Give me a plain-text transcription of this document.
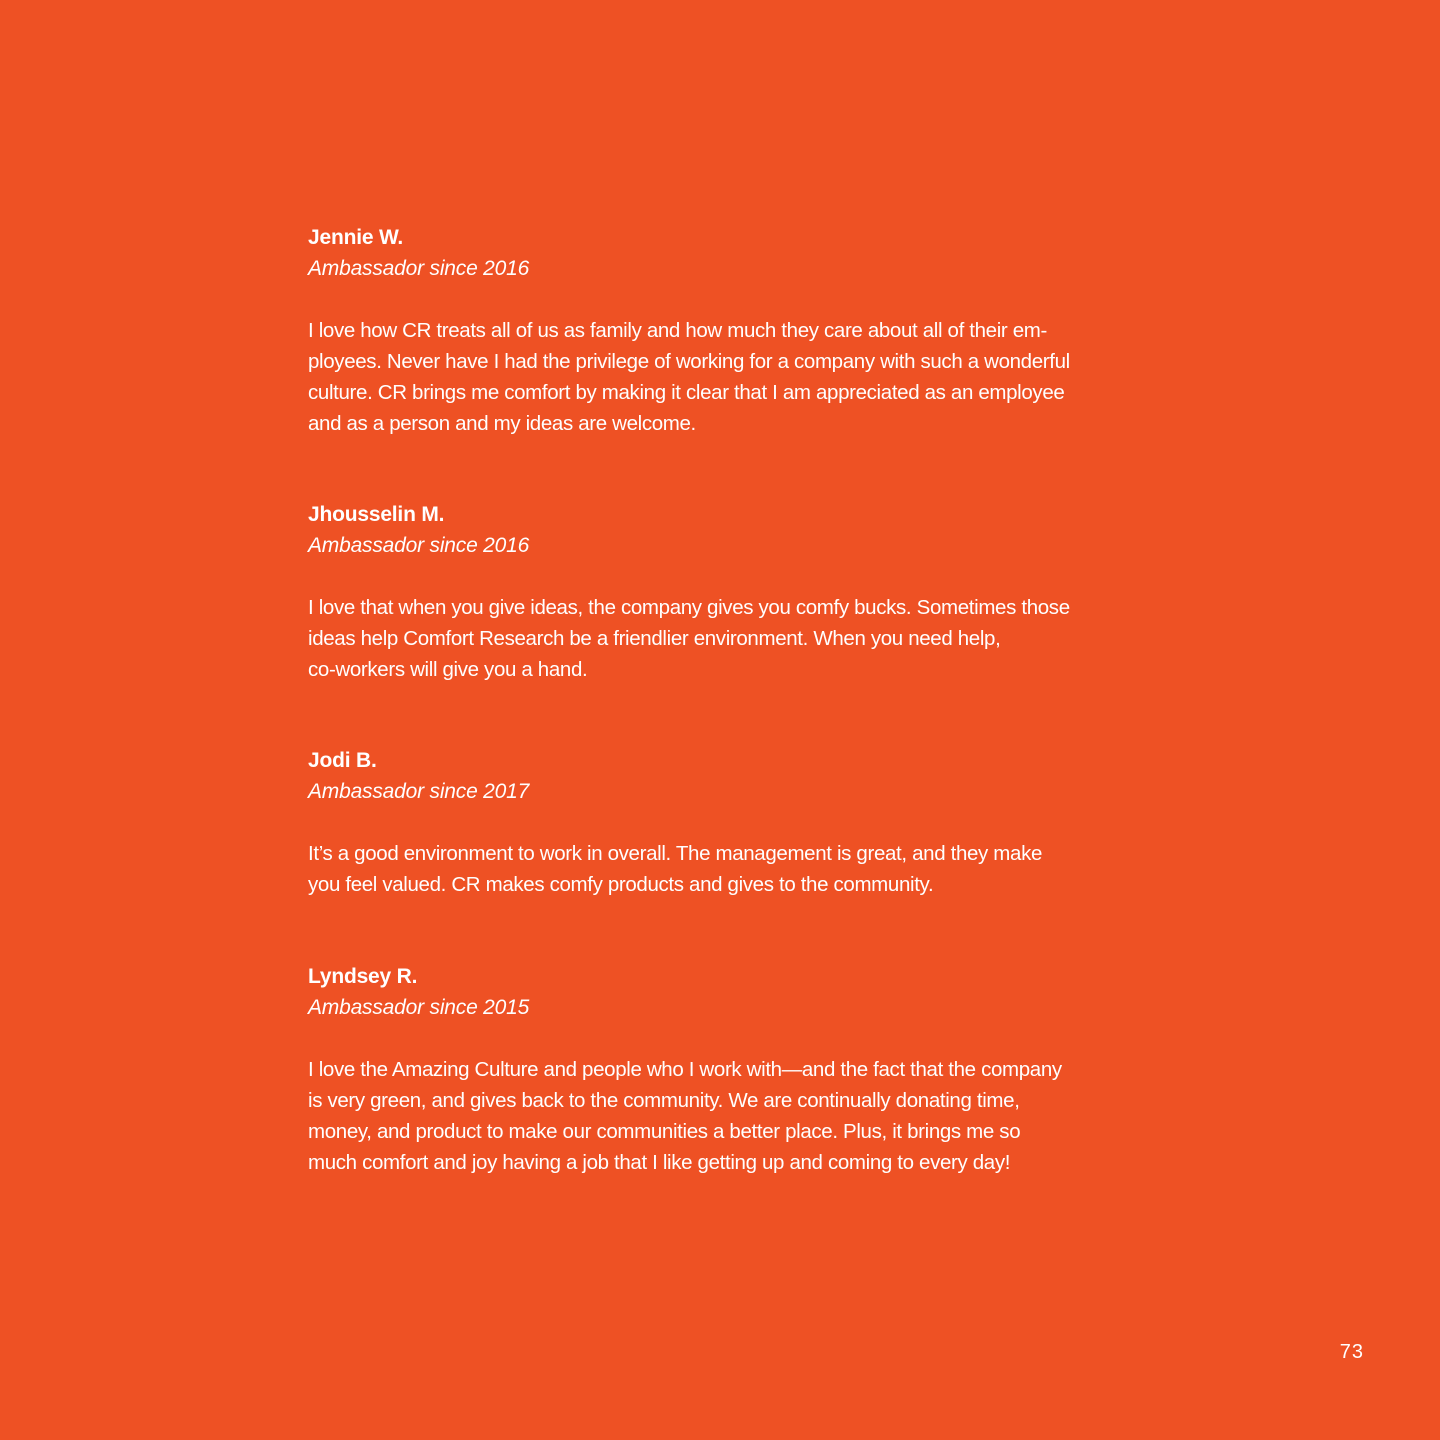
Jennie W.

Ambassador since 2016

I love how CR treats all of us as family and how much they care about all of their em-
ployees. Never have I had the privilege of working for a company with such a wonderful
culture. CR brings me comfort by making it clear that I am appreciated as an employee
and as a person and my ideas are welcome.

Jhousselin M.

Ambassador since 2016

I love that when you give ideas, the company gives you comfy bucks. Sometimes those
ideas help Comfort Research be a friendlier environment. When you need help,
co-workers will give you a hand.

Jodi B.

Ambassador since 2017

It’s a good environment to work in overall. The management is great, and they make
you feel valued. CR makes comfy products and gives to the community.

Lyndsey R.

Ambassador since 2015

I love the Amazing Culture and people who I work with—and the fact that the company
is very green, and gives back to the community. We are continually donating time,
money, and product to make our communities a better place. Plus, it brings me so
much comfort and joy having a job that I like getting up and coming to every day!

73
